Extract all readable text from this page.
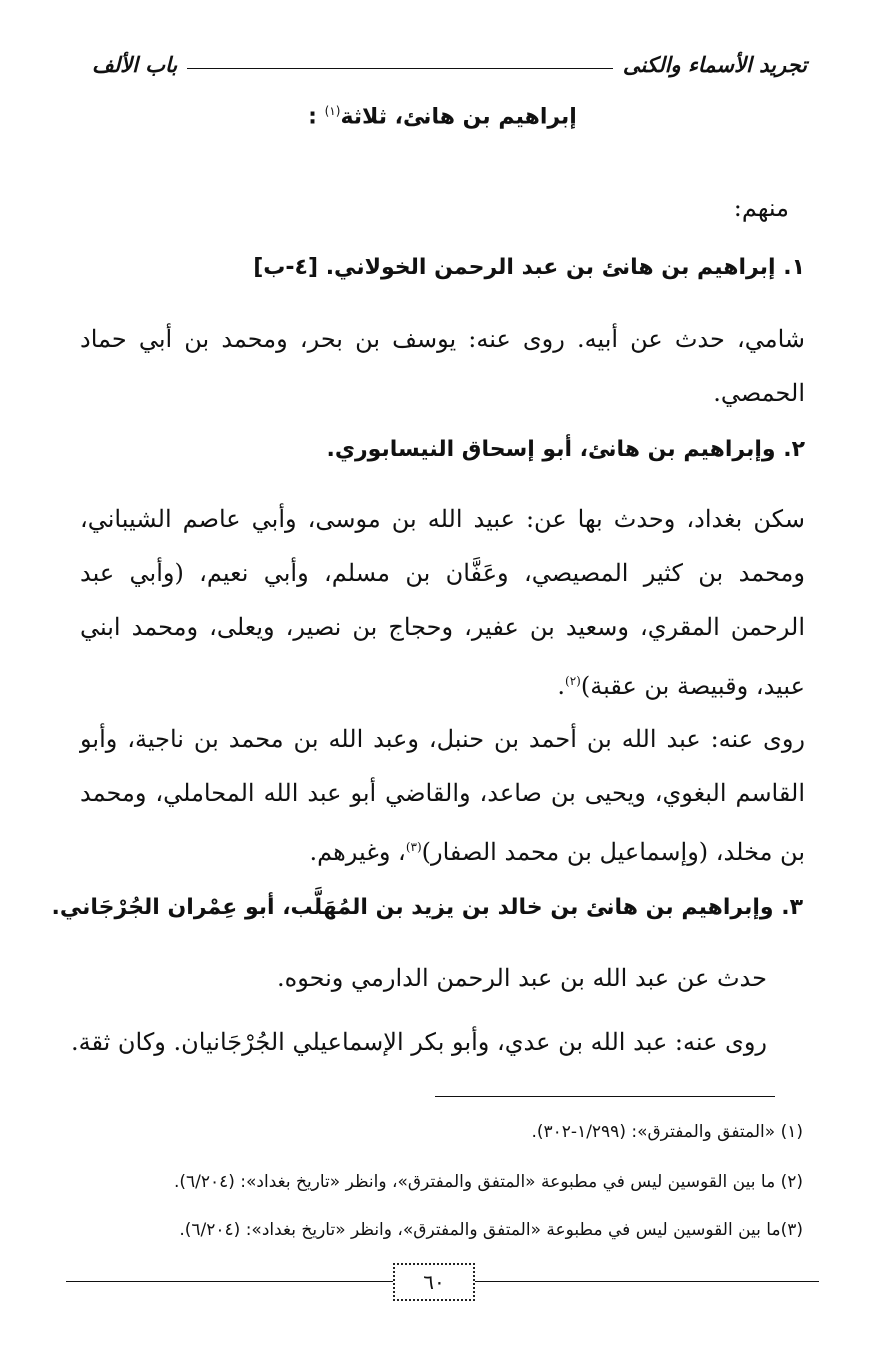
تجريد الأسماء والكنى
باب الألف
إبراهيم بن هانئ، ثلاثة$^{(١)}$ :
منهم:
١. إبراهيم بن هانئ بن عبد الرحمن الخولاني. [٤-ب]
شامي، حدث عن أبيه. روى عنه: يوسف بن بحر، ومحمد بن أبي حماد الحمصي.
٢. وإبراهيم بن هانئ، أبو إسحاق النيسابوري.
سكن بغداد، وحدث بها عن: عبيد الله بن موسى، وأبي عاصم الشيباني، ومحمد بن كثير المصيصي، وعَفَّان بن مسلم، وأبي نعيم، (وأبي عبد الرحمن المقري، وسعيد بن عفير، وحجاج بن نصير، ويعلى، ومحمد ابني عبيد، وقبيصة بن عقبة)$^{(٢)}$.
روى عنه: عبد الله بن أحمد بن حنبل، وعبد الله بن محمد بن ناجية، وأبو القاسم البغوي، ويحيى بن صاعد، والقاضي أبو عبد الله المحاملي، ومحمد بن مخلد، (وإسماعيل بن محمد الصفار)$^{(٣)}$، وغيرهم.
٣. وإبراهيم بن هانئ بن خالد بن يزيد بن المُهَلَّب، أبو عِمْران الجُرْجَاني.
حدث عن عبد الله بن عبد الرحمن الدارمي ونحوه.
روى عنه: عبد الله بن عدي، وأبو بكر الإسماعيلي الجُرْجَانيان. وكان ثقة.
(١) «المتفق والمفترق»: (١/٢٩٩-٣٠٢).
(٢) ما بين القوسين ليس في مطبوعة «المتفق والمفترق»، وانظر «تاريخ بغداد»: (٦/٢٠٤).
(٣)ما بين القوسين ليس في مطبوعة «المتفق والمفترق»، وانظر «تاريخ بغداد»: (٦/٢٠٤).
٦٠
